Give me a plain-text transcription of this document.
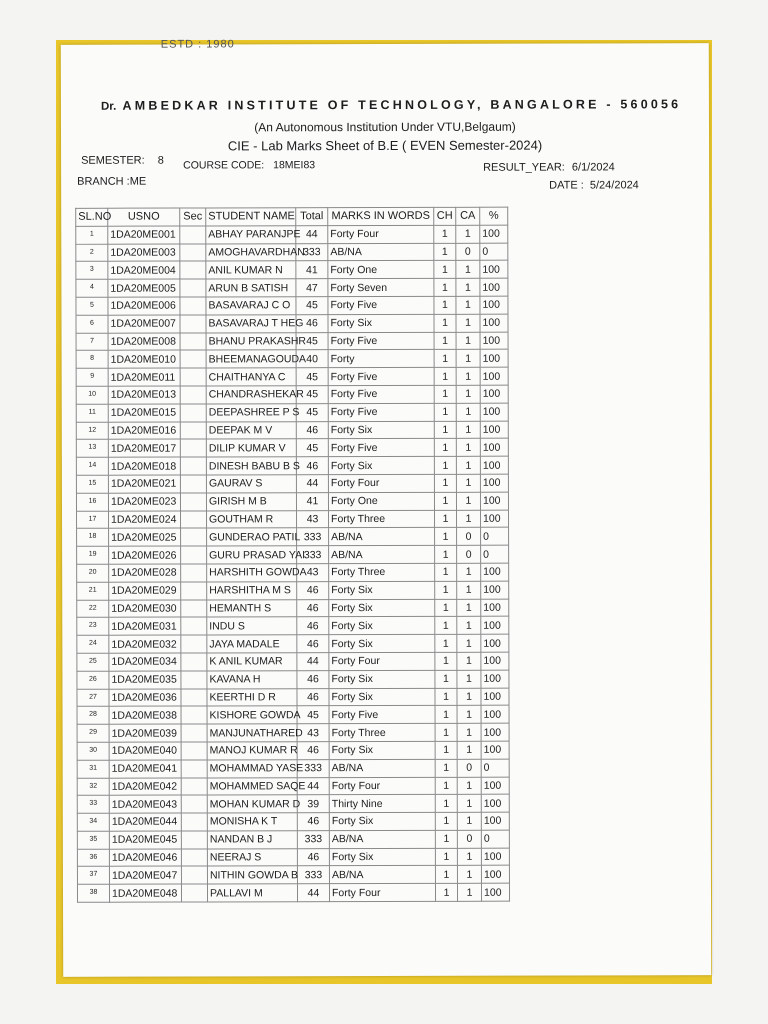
ESTD : 1980
Dr. AMBEDKAR INSTITUTE OF TECHNOLOGY, BANGALORE - 560056
(An Autonomous Institution Under VTU,Belgaum)
CIE - Lab Marks Sheet of B.E ( EVEN Semester-2024)
SEMESTER: 8 COURSE CODE: 18MEI83	RESULT_YEAR: 6/1/2024
BRANCH :ME	DATE : 5/24/2024
SL.NO	USNO	Sec	STUDENT NAME	Total	MARKS IN WORDS	CH	CA	%
1	1DA20ME001		ABHAY PARANJPE	44	Forty Four	1	1	100
2	1DA20ME003		AMOGHAVARDHAN	333	AB/NA	1	0	0
3	1DA20ME004		ANIL KUMAR N	41	Forty One	1	1	100
4	1DA20ME005		ARUN B SATISH	47	Forty Seven	1	1	100
5	1DA20ME006		BASAVARAJ C O	45	Forty Five	1	1	100
6	1DA20ME007		BASAVARAJ T HEG	46	Forty Six	1	1	100
7	1DA20ME008		BHANU PRAKASHR	45	Forty Five	1	1	100
8	1DA20ME010		BHEEMANAGOUDA	40	Forty	1	1	100
9	1DA20ME011		CHAITHANYA C	45	Forty Five	1	1	100
10	1DA20ME013		CHANDRASHEKAR	45	Forty Five	1	1	100
11	1DA20ME015		DEEPASHREE P S	45	Forty Five	1	1	100
12	1DA20ME016		DEEPAK M V	46	Forty Six	1	1	100
13	1DA20ME017		DILIP KUMAR V	45	Forty Five	1	1	100
14	1DA20ME018		DINESH BABU B S	46	Forty Six	1	1	100
15	1DA20ME021		GAURAV S	44	Forty Four	1	1	100
16	1DA20ME023		GIRISH M B	41	Forty One	1	1	100
17	1DA20ME024		GOUTHAM R	43	Forty Three	1	1	100
18	1DA20ME025		GUNDERAO PATIL	333	AB/NA	1	0	0
19	1DA20ME026		GURU PRASAD YAI	333	AB/NA	1	0	0
20	1DA20ME028		HARSHITH GOWDA	43	Forty Three	1	1	100
21	1DA20ME029		HARSHITHA M S	46	Forty Six	1	1	100
22	1DA20ME030		HEMANTH S	46	Forty Six	1	1	100
23	1DA20ME031		INDU S	46	Forty Six	1	1	100
24	1DA20ME032		JAYA MADALE	46	Forty Six	1	1	100
25	1DA20ME034		K ANIL KUMAR	44	Forty Four	1	1	100
26	1DA20ME035		KAVANA H	46	Forty Six	1	1	100
27	1DA20ME036		KEERTHI D R	46	Forty Six	1	1	100
28	1DA20ME038		KISHORE GOWDA	45	Forty Five	1	1	100
29	1DA20ME039		MANJUNATHARED	43	Forty Three	1	1	100
30	1DA20ME040		MANOJ KUMAR R	46	Forty Six	1	1	100
31	1DA20ME041		MOHAMMAD YASE	333	AB/NA	1	0	0
32	1DA20ME042		MOHAMMED SAQE	44	Forty Four	1	1	100
33	1DA20ME043		MOHAN KUMAR D	39	Thirty Nine	1	1	100
34	1DA20ME044		MONISHA K T	46	Forty Six	1	1	100
35	1DA20ME045		NANDAN B J	333	AB/NA	1	0	0
36	1DA20ME046		NEERAJ S	46	Forty Six	1	1	100
37	1DA20ME047		NITHIN GOWDA B	333	AB/NA	1	1	100
38	1DA20ME048		PALLAVI M	44	Forty Four	1	1	100
